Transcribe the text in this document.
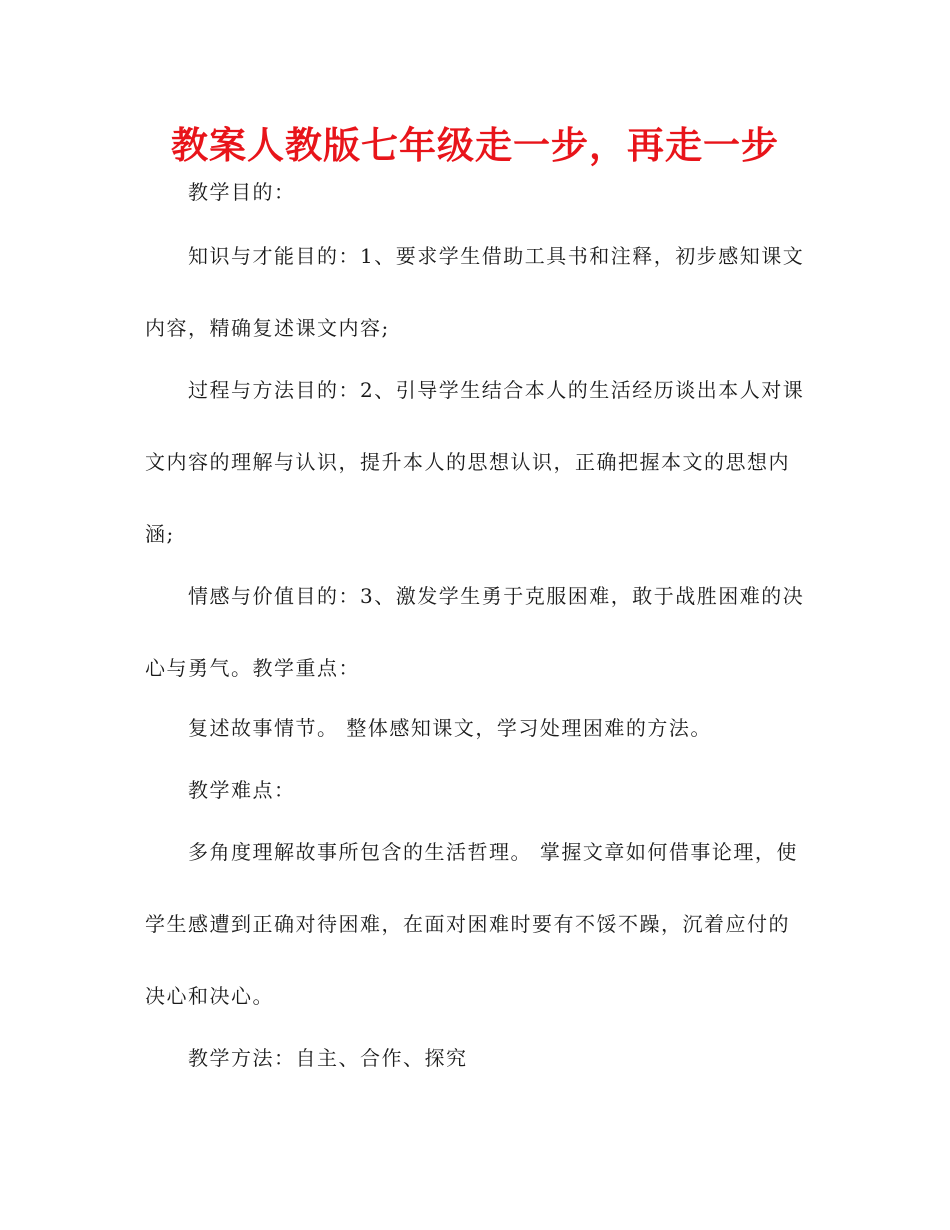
教案人教版七年级走一步，再走一步

教学目的：

知识与才能目的：1、要求学生借助工具书和注释，初步感知课文

内容，精确复述课文内容;

过程与方法目的：2、引导学生结合本人的生活经历谈出本人对课

文内容的理解与认识，提升本人的思想认识，正确把握本文的思想内

涵;

情感与价值目的：3、激发学生勇于克服困难，敢于战胜困难的决

心与勇气。教学重点：

复述故事情节。 整体感知课文，学习处理困难的方法。

教学难点：

多角度理解故事所包含的生活哲理。 掌握文章如何借事论理，使

学生感遭到正确对待困难，在面对困难时要有不馁不躁，沉着应付的

决心和决心。

教学方法：自主、合作、探究
